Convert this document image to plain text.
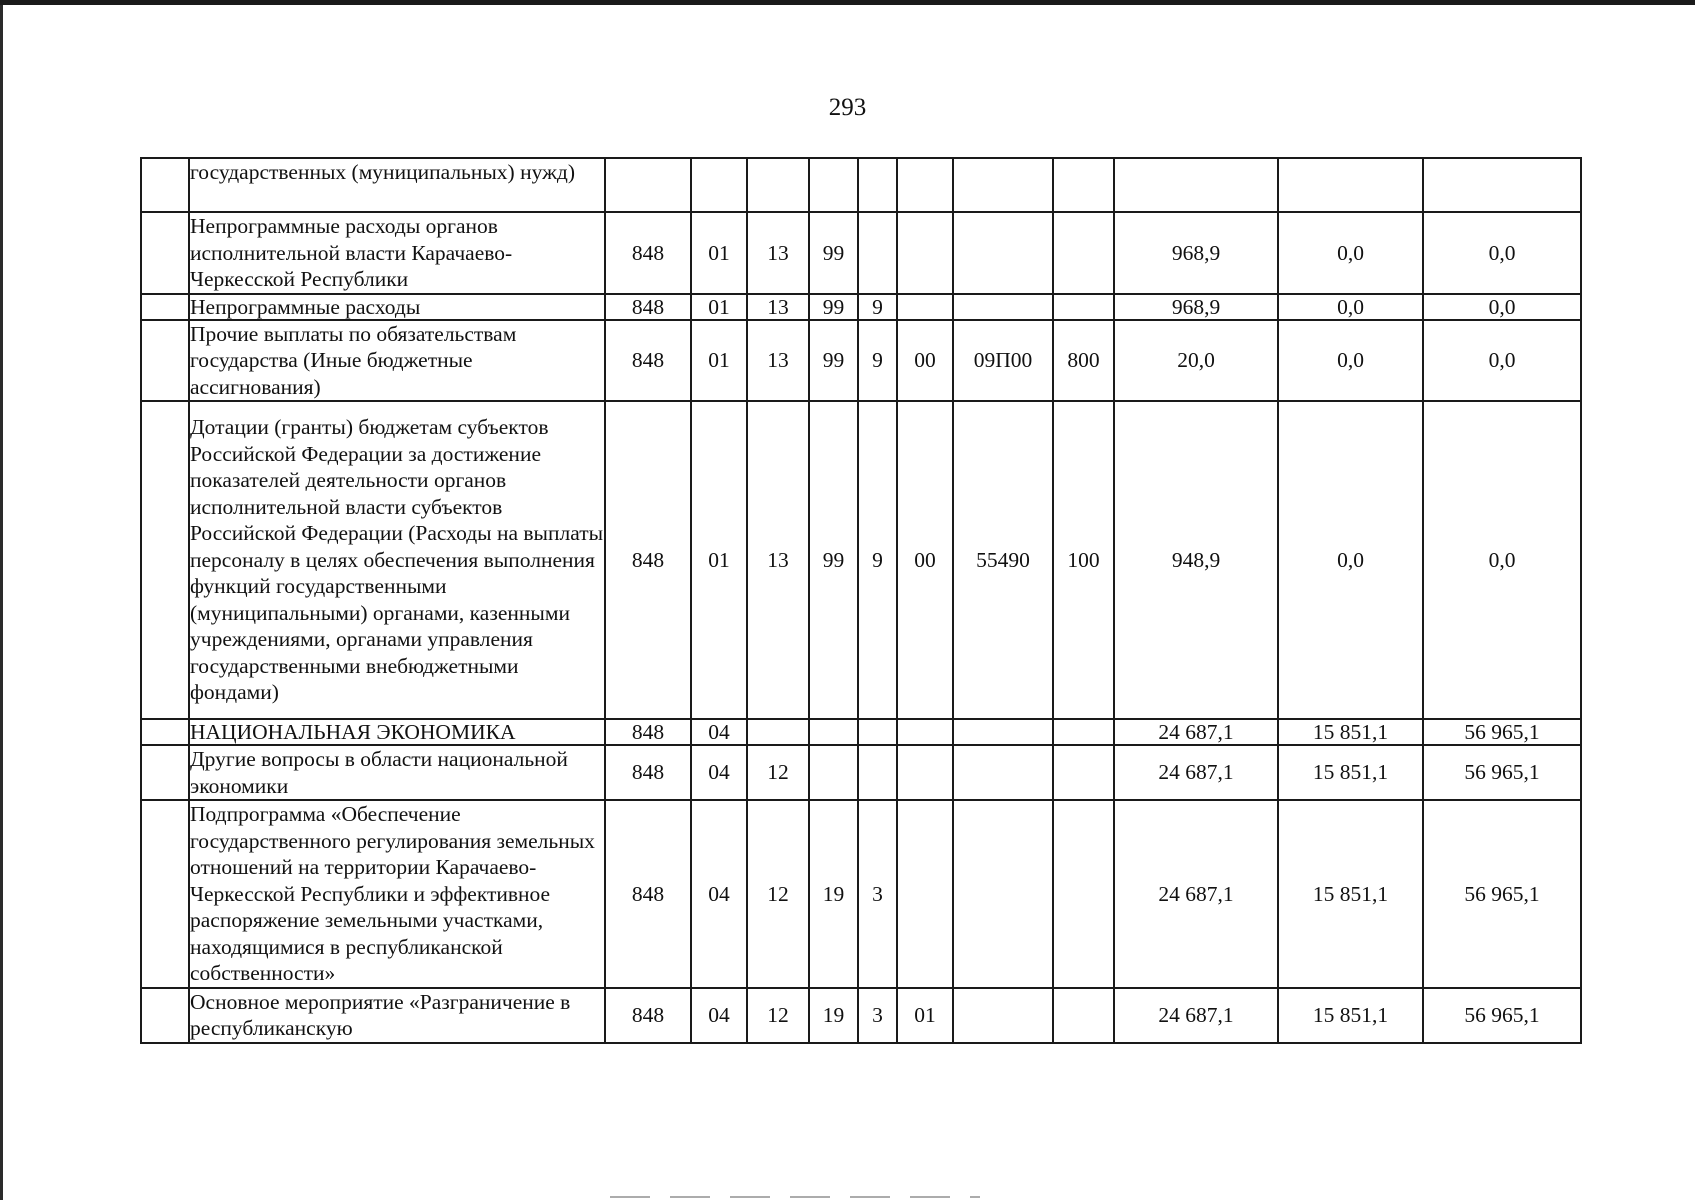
293
	государственных (муниципальных) нужд)											
	Непрограммные расходы органов исполнительной власти Карачаево-Черкесской Республики	848	01	13	99					968,9	0,0	0,0
	Непрограммные расходы	848	01	13	99	9				968,9	0,0	0,0
	Прочие выплаты по обязательствам государства (Иные бюджетные ассигнования)	848	01	13	99	9	00	09П00	800	20,0	0,0	0,0
	Дотации (гранты) бюджетам субъектов Российской Федерации за достижение показателей деятельности органов исполнительной власти субъектов Российской Федерации (Расходы на выплаты персоналу в целях обеспечения выполнения функций государственными (муниципальными) органами, казенными учреждениями, органами управления государственными внебюджетными фондами)	848	01	13	99	9	00	55490	100	948,9	0,0	0,0
	НАЦИОНАЛЬНАЯ ЭКОНОМИКА	848	04							24 687,1	15 851,1	56 965,1
	Другие вопросы в области национальной экономики	848	04	12						24 687,1	15 851,1	56 965,1
	Подпрограмма «Обеспечение государственного регулирования земельных отношений на территории Карачаево-Черкесской Республики и эффективное распоряжение земельными участками, находящимися в республиканской собственности»	848	04	12	19	3				24 687,1	15 851,1	56 965,1
	Основное мероприятие «Разграничение в республиканскую	848	04	12	19	3	01			24 687,1	15 851,1	56 965,1
